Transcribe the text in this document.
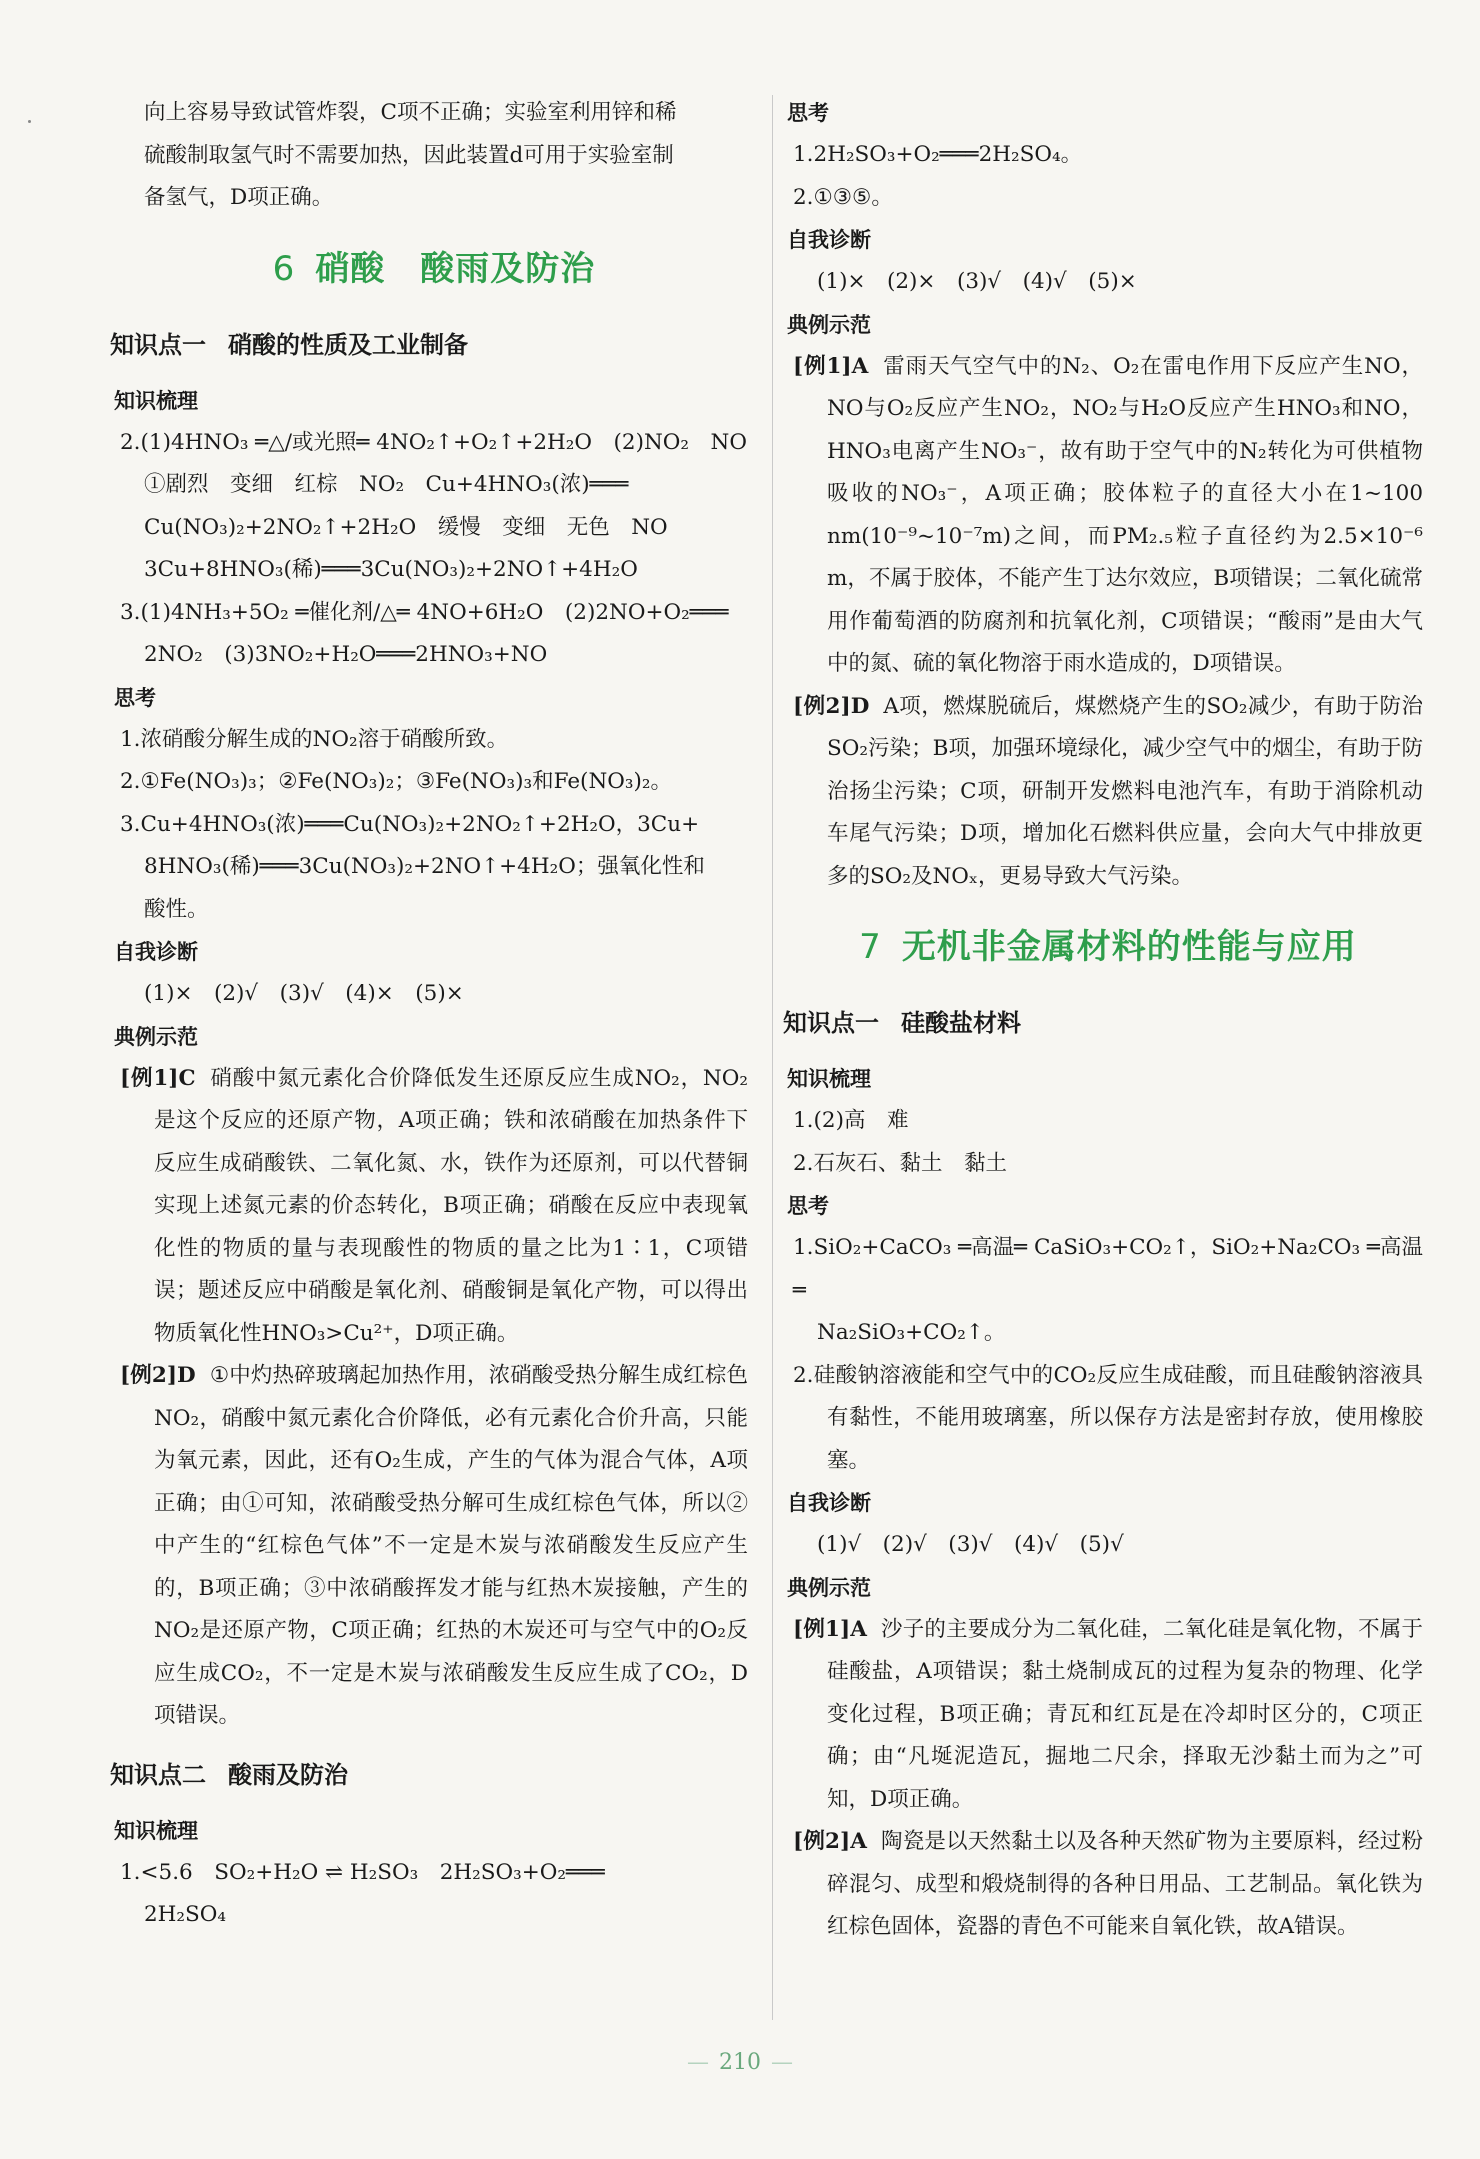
向上容易导致试管炸裂，C项不正确；实验室利用锌和稀

硫酸制取氢气时不需要加热，因此装置d可用于实验室制

备氢气，D项正确。

6 硝酸　酸雨及防治
知识点一 硝酸的性质及工业制备
知识梳理

2.(1)4HNO₃ ═△/或光照═ 4NO₂↑+O₂↑+2H₂O　(2)NO₂　NO

①剧烈　变细　红棕　NO₂　Cu+4HNO₃(浓)═══

Cu(NO₃)₂+2NO₂↑+2H₂O　缓慢　变细　无色　NO

3Cu+8HNO₃(稀)═══3Cu(NO₃)₂+2NO↑+4H₂O

3.(1)4NH₃+5O₂ ═催化剂/△═ 4NO+6H₂O　(2)2NO+O₂═══

2NO₂　(3)3NO₂+H₂O═══2HNO₃+NO

思考

1.浓硝酸分解生成的NO₂溶于硝酸所致。

2.①Fe(NO₃)₃；②Fe(NO₃)₂；③Fe(NO₃)₃和Fe(NO₃)₂。

3.Cu+4HNO₃(浓)═══Cu(NO₃)₂+2NO₂↑+2H₂O，3Cu+

8HNO₃(稀)═══3Cu(NO₃)₂+2NO↑+4H₂O；强氧化性和

酸性。

自我诊断

(1)×　(2)√　(3)√　(4)×　(5)×

典例示范

[例1]C 硝酸中氮元素化合价降低发生还原反应生成NO₂，NO₂是这个反应的还原产物，A项正确；铁和浓硝酸在加热条件下反应生成硝酸铁、二氧化氮、水，铁作为还原剂，可以代替铜实现上述氮元素的价态转化，B项正确；硝酸在反应中表现氧化性的物质的量与表现酸性的物质的量之比为1∶1，C项错误；题述反应中硝酸是氧化剂、硝酸铜是氧化产物，可以得出物质氧化性HNO₃>Cu²⁺，D项正确。

[例2]D ①中灼热碎玻璃起加热作用，浓硝酸受热分解生成红棕色NO₂，硝酸中氮元素化合价降低，必有元素化合价升高，只能为氧元素，因此，还有O₂生成，产生的气体为混合气体，A项正确；由①可知，浓硝酸受热分解可生成红棕色气体，所以②中产生的“红棕色气体”不一定是木炭与浓硝酸发生反应产生的，B项正确；③中浓硝酸挥发才能与红热木炭接触，产生的NO₂是还原产物，C项正确；红热的木炭还可与空气中的O₂反应生成CO₂，不一定是木炭与浓硝酸发生反应生成了CO₂，D项错误。

知识点二 酸雨及防治
知识梳理

1.<5.6　SO₂+H₂O ⇌ H₂SO₃　2H₂SO₃+O₂═══

2H₂SO₄

思考

1.2H₂SO₃+O₂═══2H₂SO₄。

2.①③⑤。

自我诊断

(1)×　(2)×　(3)√　(4)√　(5)×

典例示范

[例1]A 雷雨天气空气中的N₂、O₂在雷电作用下反应产生NO，NO与O₂反应产生NO₂，NO₂与H₂O反应产生HNO₃和NO，HNO₃电离产生NO₃⁻，故有助于空气中的N₂转化为可供植物吸收的NO₃⁻，A项正确；胶体粒子的直径大小在1~100 nm(10⁻⁹~10⁻⁷m)之间，而PM₂.₅粒子直径约为2.5×10⁻⁶ m，不属于胶体，不能产生丁达尔效应，B项错误；二氧化硫常用作葡萄酒的防腐剂和抗氧化剂，C项错误；“酸雨”是由大气中的氮、硫的氧化物溶于雨水造成的，D项错误。

[例2]D A项，燃煤脱硫后，煤燃烧产生的SO₂减少，有助于防治SO₂污染；B项，加强环境绿化，减少空气中的烟尘，有助于防治扬尘污染；C项，研制开发燃料电池汽车，有助于消除机动车尾气污染；D项，增加化石燃料供应量，会向大气中排放更多的SO₂及NOₓ，更易导致大气污染。

7 无机非金属材料的性能与应用
知识点一 硅酸盐材料
知识梳理

1.(2)高　难

2.石灰石、黏土　黏土

思考

1.SiO₂+CaCO₃ ═高温═ CaSiO₃+CO₂↑，SiO₂+Na₂CO₃ ═高温═

Na₂SiO₃+CO₂↑。

2.硅酸钠溶液能和空气中的CO₂反应生成硅酸，而且硅酸钠溶液具有黏性，不能用玻璃塞，所以保存方法是密封存放，使用橡胶塞。

自我诊断

(1)√　(2)√　(3)√　(4)√　(5)√

典例示范

[例1]A 沙子的主要成分为二氧化硅，二氧化硅是氧化物，不属于硅酸盐，A项错误；黏土烧制成瓦的过程为复杂的物理、化学变化过程，B项正确；青瓦和红瓦是在冷却时区分的，C项正确；由“凡埏泥造瓦，掘地二尺余，择取无沙黏土而为之”可知，D项正确。

[例2]A 陶瓷是以天然黏土以及各种天然矿物为主要原料，经过粉碎混匀、成型和煅烧制得的各种日用品、工艺制品。氧化铁为红棕色固体，瓷器的青色不可能来自氧化铁，故A错误。

— 210 —
